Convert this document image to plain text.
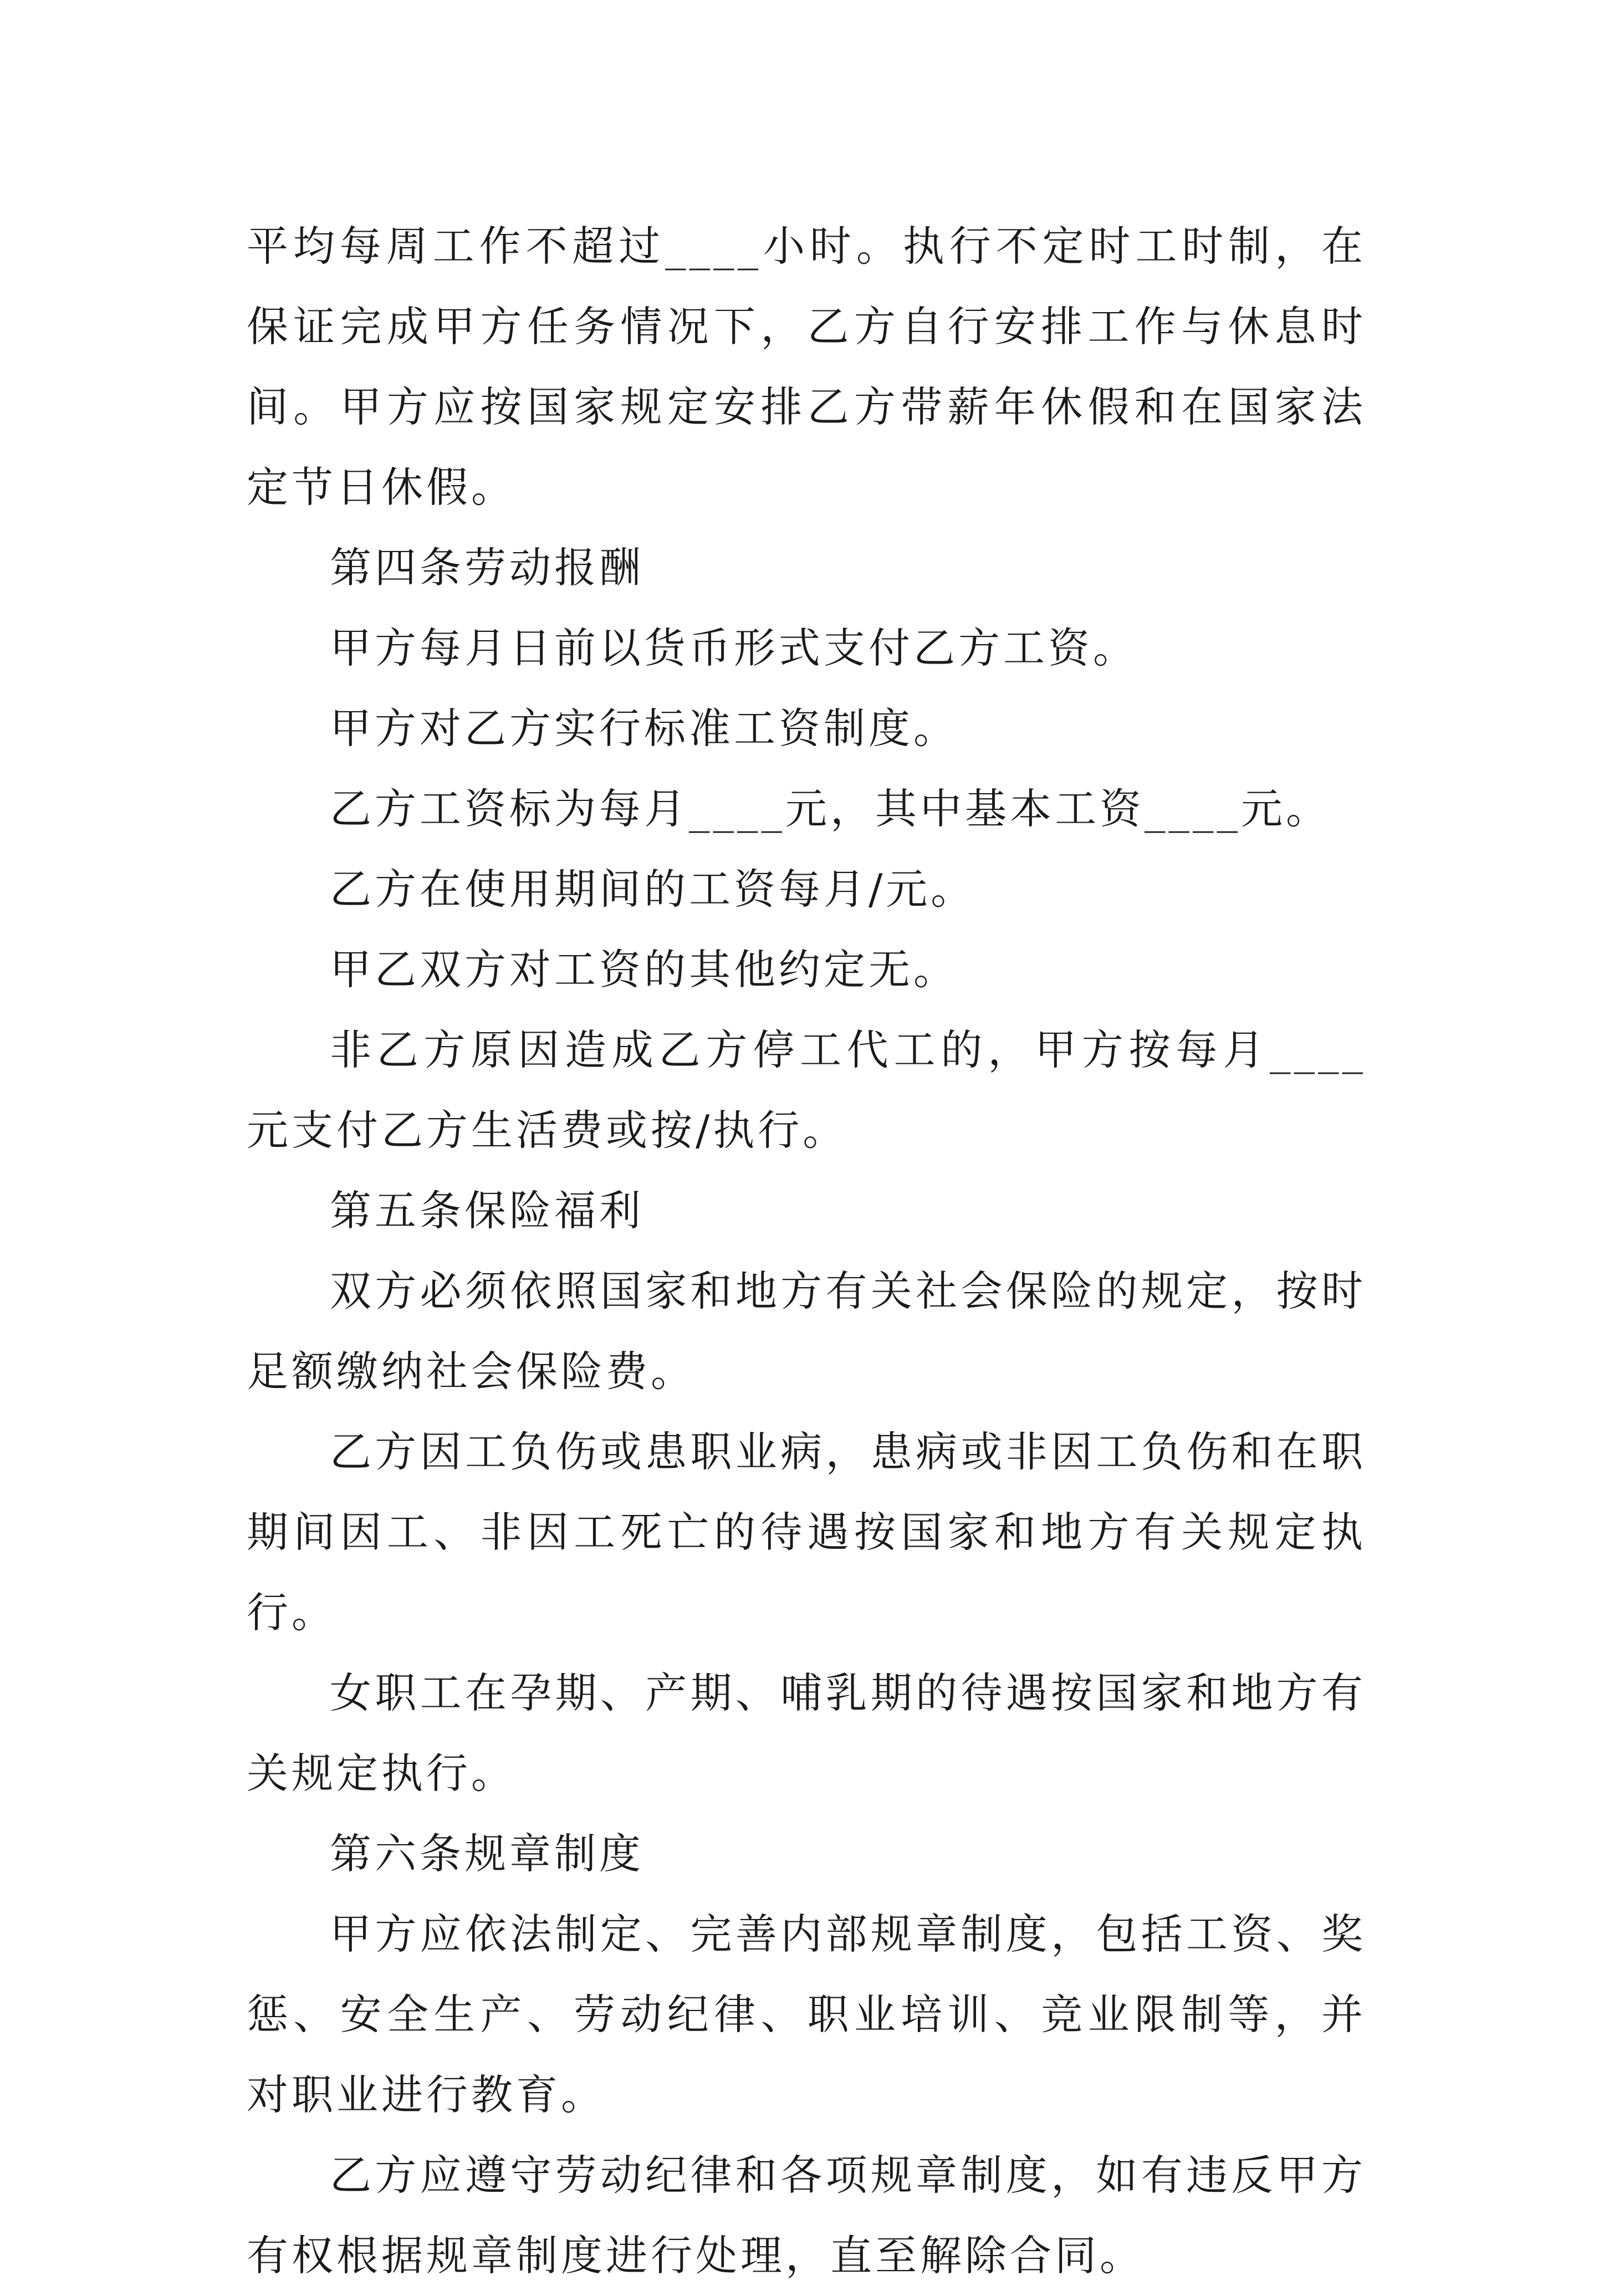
平均每周工作不超过____小时。执行不定时工时制，在保证完成甲方任务情况下，乙方自行安排工作与休息时间。甲方应按国家规定安排乙方带薪年休假和在国家法定节日休假。

第四条劳动报酬

甲方每月日前以货币形式支付乙方工资。

甲方对乙方实行标准工资制度。

乙方工资标为每月____元，其中基本工资____元。

乙方在使用期间的工资每月/元。

甲乙双方对工资的其他约定无。

非乙方原因造成乙方停工代工的，甲方按每月____元支付乙方生活费或按/执行。

第五条保险福利

双方必须依照国家和地方有关社会保险的规定，按时足额缴纳社会保险费。

乙方因工负伤或患职业病，患病或非因工负伤和在职期间因工、非因工死亡的待遇按国家和地方有关规定执行。

女职工在孕期、产期、哺乳期的待遇按国家和地方有关规定执行。

第六条规章制度

甲方应依法制定、完善内部规章制度，包括工资、奖惩、安全生产、劳动纪律、职业培训、竞业限制等，并对职业进行教育。

乙方应遵守劳动纪律和各项规章制度，如有违反甲方有权根据规章制度进行处理，直至解除合同。
